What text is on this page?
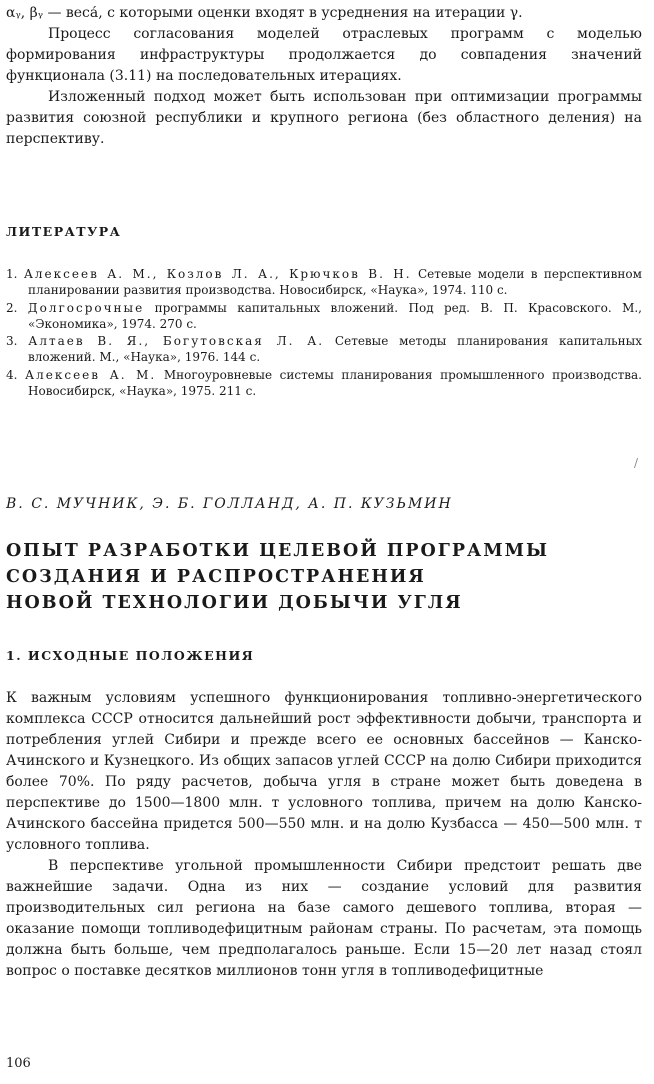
αᵧ, βᵧ — веса́, с которыми оценки входят в усреднения на итерации γ.

Процесс согласования моделей отраслевых программ с моделью формирования инфраструктуры продолжается до совпадения значений функционала (3.11) на последовательных итерациях.

Изложенный подход может быть использован при оптимизации программы развития союзной республики и крупного региона (без областного деления) на перспективу.

ЛИТЕРАТУРА

1. Алексеев А. М., Козлов Л. А., Крючков В. Н. Сетевые модели в перспективном планировании развития производства. Новосибирск, «Наука», 1974. 110 с.

2. Долгосрочные программы капитальных вложений. Под ред. В. П. Красовского. М., «Экономика», 1974. 270 с.

3. Алтаев В. Я., Богутовская Л. А. Сетевые методы планирования капитальных вложений. М., «Наука», 1976. 144 с.

4. Алексеев А. М. Многоуровневые системы планирования промышленного производства. Новосибирск, «Наука», 1975. 211 с.

/
В. С. МУЧНИК, Э. Б. ГОЛЛАНД, А. П. КУЗЬМИН
ОПЫТ РАЗРАБОТКИ ЦЕЛЕВОЙ ПРОГРАММЫ
СОЗДАНИЯ И РАСПРОСТРАНЕНИЯ
НОВОЙ ТЕХНОЛОГИИ ДОБЫЧИ УГЛЯ
1. ИСХОДНЫЕ ПОЛОЖЕНИЯ

К важным условиям успешного функционирования топливно-энергетического комплекса СССР относится дальнейший рост эффективности добычи, транспорта и потребления углей Сибири и прежде всего ее основных бассейнов — Канско-Ачинского и Кузнецкого. Из общих запасов углей СССР на долю Сибири приходится более 70%. По ряду расчетов, добыча угля в стране может быть доведена в перспективе до 1500—1800 млн. т условного топлива, причем на долю Канско-Ачинского бассейна придется 500—550 млн. и на долю Кузбасса — 450—500 млн. т условного топлива.

В перспективе угольной промышленности Сибири предстоит решать две важнейшие задачи. Одна из них — создание условий для развития производительных сил региона на базе самого дешевого топлива, вторая — оказание помощи топливодефицитным районам страны. По расчетам, эта помощь должна быть больше, чем предполагалось раньше. Если 15—20 лет назад стоял вопрос о поставке десятков миллионов тонн угля в топливодефицитные

106
